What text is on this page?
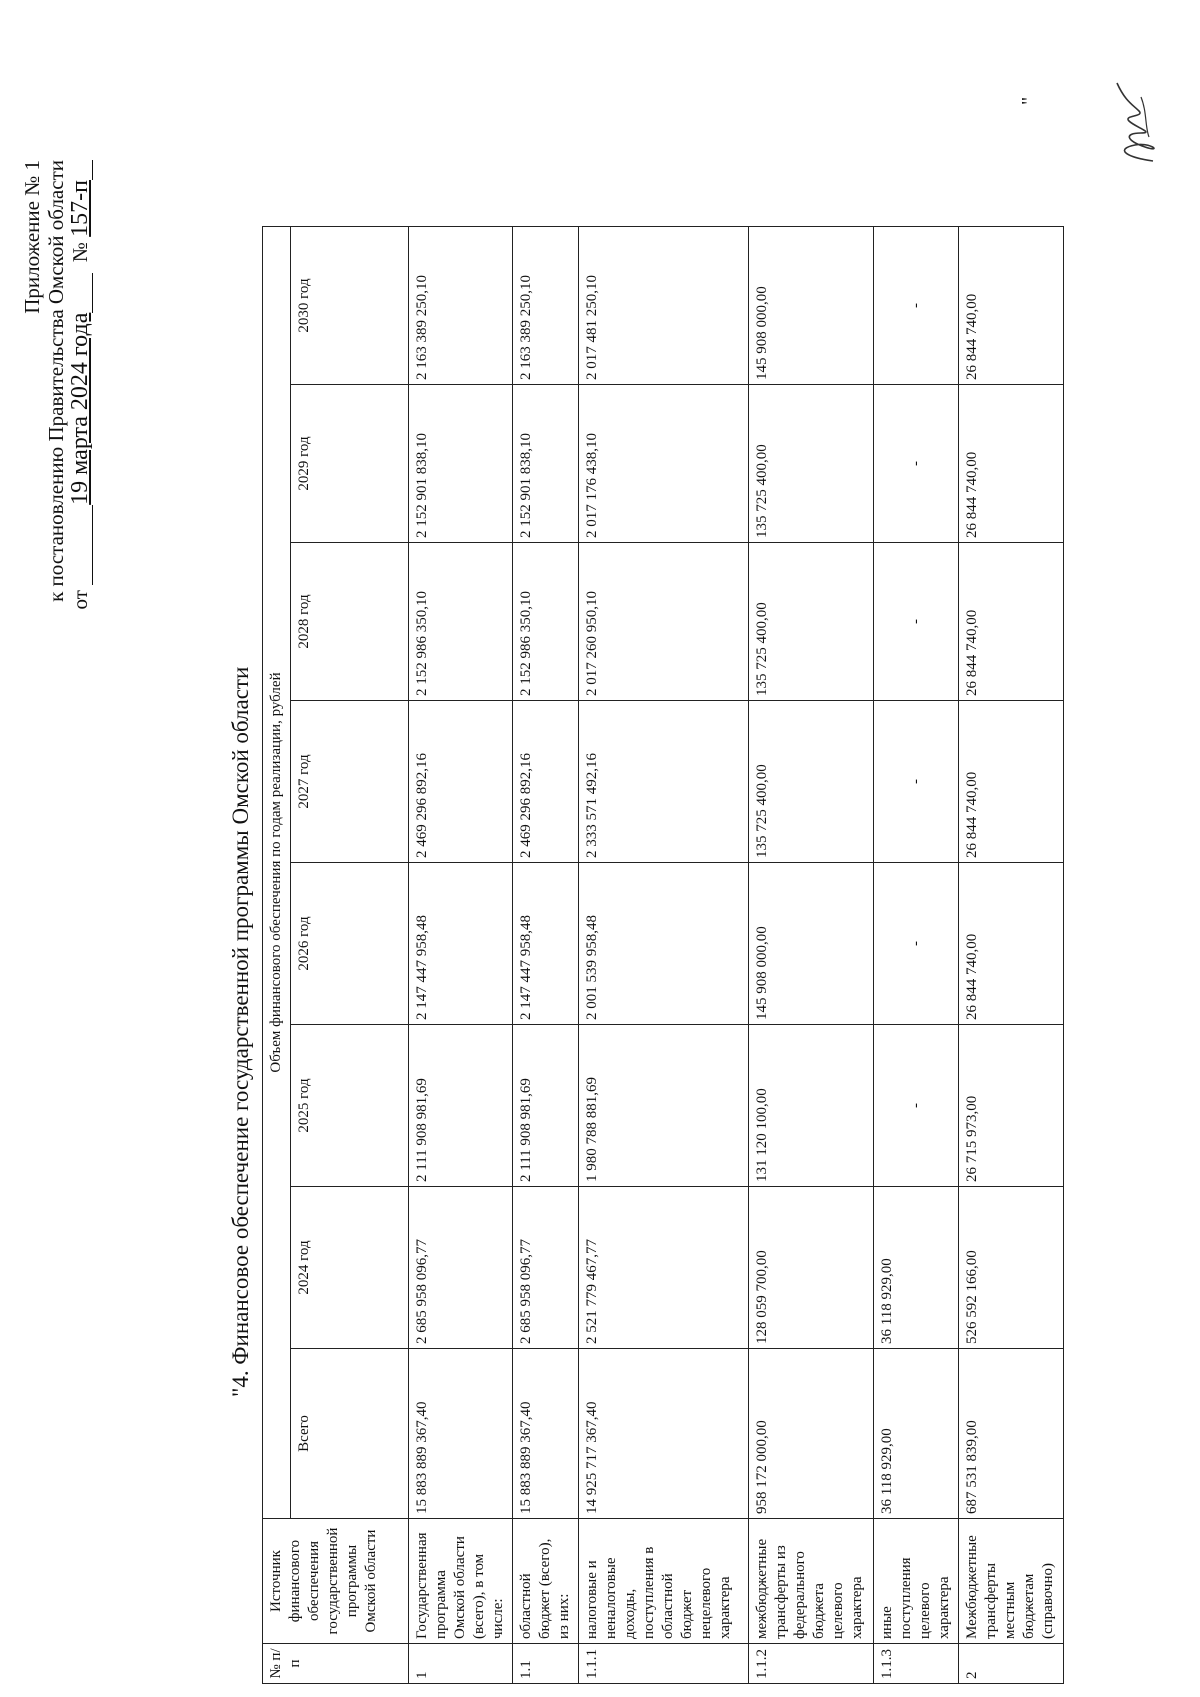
Приложение № 1 к постановлению Правительства Омской области от  19 марта 2024 года   № 157-п
"4. Финансовое обеспечение государственной программы Омской области
№ п/п	Источник финансового обеспечения государственной программы Омской области	Объем финансового обеспечения по годам реализации, рублей							
		Всего	2024 год	2025 год	2026 год	2027 год	2028 год	2029 год	2030 год
1	Государственная программа Омской области (всего), в том числе:	15 883 889 367,40	2 685 958 096,77	2 111 908 981,69	2 147 447 958,48	2 469 296 892,16	2 152 986 350,10	2 152 901 838,10	2 163 389 250,10
1.1	областной бюджет (всего), из них:	15 883 889 367,40	2 685 958 096,77	2 111 908 981,69	2 147 447 958,48	2 469 296 892,16	2 152 986 350,10	2 152 901 838,10	2 163 389 250,10
1.1.1	налоговые и неналоговые доходы, поступления в областной бюджет нецелевого характера	14 925 717 367,40	2 521 779 467,77	1 980 788 881,69	2 001 539 958,48	2 333 571 492,16	2 017 260 950,10	2 017 176 438,10	2 017 481 250,10
1.1.2	межбюджетные трансферты из федерального бюджета целевого характера	958 172 000,00	128 059 700,00	131 120 100,00	145 908 000,00	135 725 400,00	135 725 400,00	135 725 400,00	145 908 000,00
1.1.3	иные поступления целевого характера	36 118 929,00	36 118 929,00	-	-	-	-	-	-
2	Межбюджетные трансферты местным бюджетам (справочно)	687 531 839,00	526 592 166,00	26 715 973,00	26 844 740,00	26 844 740,00	26 844 740,00	26 844 740,00	26 844 740,00
"
